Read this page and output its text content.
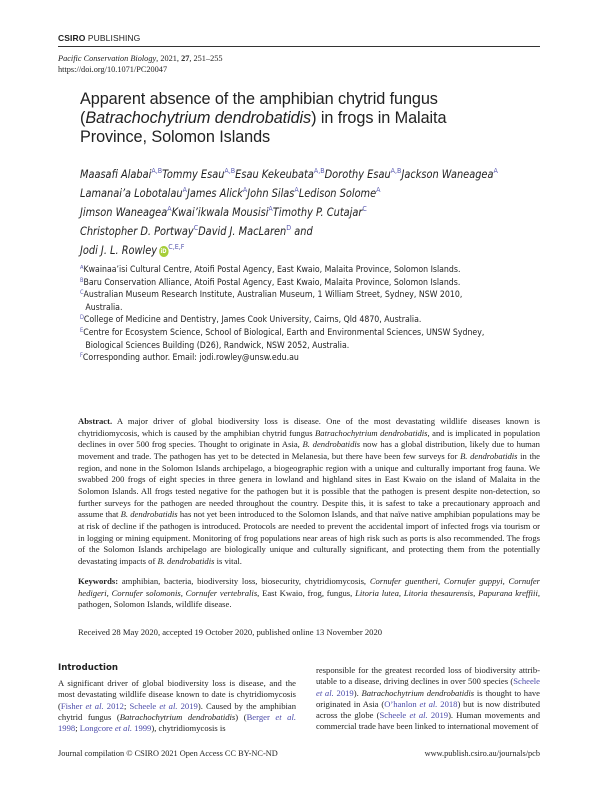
CSIRO PUBLISHING
Pacific Conservation Biology, 2021, 27, 251–255
https://doi.org/10.1071/PC20047
Apparent absence of the amphibian chytrid fungus (Batrachochytrium dendrobatidis) in frogs in Malaita Province, Solomon Islands
Maasafi Alabai$^{A,B}$Tommy Esau$^{A,B}$Esau Kekeubata$^{A,B}$Dorothy Esau$^{A,B}$Jackson Waneagea$^A$
Lamanai’a Lobotalau$^A$James Alick$^A$John Silas$^A$Ledison Solome$^A$
Jimson Waneagea$^A$Kwai’ikwala Mousisi$^A$Timothy P. Cutajar$^C$
Christopher D. Portway$^C$David J. MacLaren$^D$ and
Jodi J. L. Rowley $iD^{C,E,F}$
$^A$Kwainaa’isi Cultural Centre, Atoifi Postal Agency, East Kwaio, Malaita Province, Solomon Islands.
$^B$Baru Conservation Alliance, Atoifi Postal Agency, East Kwaio, Malaita Province, Solomon Islands.
$^C$Australian Museum Research Institute, Australian Museum, 1 William Street, Sydney, NSW 2010, Australia.
$^D$College of Medicine and Dentistry, James Cook University, Cairns, Qld 4870, Australia.
$^E$Centre for Ecosystem Science, School of Biological, Earth and Environmental Sciences, UNSW Sydney, Biological Sciences Building (D26), Randwick, NSW 2052, Australia.
$^F$Corresponding author. Email: jodi.rowley@unsw.edu.au
Abstract. A major driver of global biodiversity loss is disease. One of the most devastating wildlife diseases known is chytridiomycosis, which is caused by the amphibian chytrid fungus Batrachochytrium dendrobatidis, and is implicated in population declines in over 500 frog species. Thought to originate in Asia, B. dendrobatidis now has a global distribution, likely due to human movement and trade. The pathogen has yet to be detected in Melanesia, but there have been few surveys for B. dendrobatidis in the region, and none in the Solomon Islands archipelago, a biogeographic region with a unique and culturally important frog fauna. We swabbed 200 frogs of eight species in three genera in lowland and highland sites in East Kwaio on the island of Malaita in the Solomon Islands. All frogs tested negative for the pathogen but it is possible that the pathogen is present despite non-detection, so further surveys for the pathogen are needed throughout the country. Despite this, it is safest to take a precautionary approach and assume that B. dendrobatidis has not yet been introduced to the Solomon Islands, and that naïve native amphibian populations may be at risk of decline if the pathogen is introduced. Protocols are needed to prevent the accidental import of infected frogs via tourism or in logging or mining equipment. Monitoring of frog populations near areas of high risk such as ports is also recommended. The frogs of the Solomon Islands archipelago are biologically unique and culturally significant, and protecting them from the potentially devastating impacts of B. dendrobatidis is vital.
Keywords: amphibian, bacteria, biodiversity loss, biosecurity, chytridiomycosis, Cornufer guentheri, Cornufer guppyi, Cornufer hedigeri, Cornufer solomonis, Cornufer vertebralis, East Kwaio, frog, fungus, Litoria lutea, Litoria thesaurensis, Papurana kreffiii, pathogen, Solomon Islands, wildlife disease.
Received 28 May 2020, accepted 19 October 2020, published online 13 November 2020
Introduction
A significant driver of global biodiversity loss is disease, and the most devastating wildlife disease known to date is chytridiomycosis (Fisher et al. 2012; Scheele et al. 2019). Caused by the amphibian chytrid fungus (Batrachochytrium dendrobatidis) (Berger et al. 1998; Longcore et al. 1999), chytridiomycosis is
responsible for the greatest recorded loss of biodiversity attributable to a disease, driving declines in over 500 species (Scheele et al. 2019). Batrachochytrium dendrobatidis is thought to have originated in Asia (O’hanlon et al. 2018) but is now distributed across the globe (Scheele et al. 2019). Human movements and commercial trade have been linked to international movement of
Journal compilation © CSIRO 2021 Open Access CC BY-NC-ND	www.publish.csiro.au/journals/pcb
